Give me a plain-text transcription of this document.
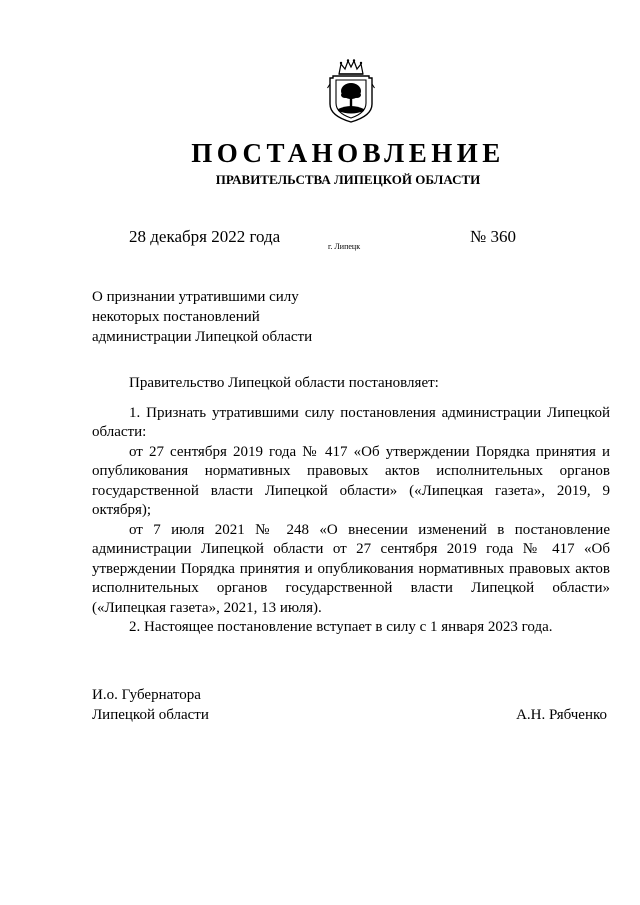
ПОСТАНОВЛЕНИЕ
ПРАВИТЕЛЬСТВА ЛИПЕЦКОЙ ОБЛАСТИ
28 декабря 2022 года
г. Липецк
№ 360
О признании утратившими силу
некоторых постановлений
администрации Липецкой области

Правительство Липецкой области постановляет:

1. Признать утратившими силу постановления администрации Липецкой области:

от 27 сентября 2019 года № 417 «Об утверждении Порядка принятия и опубликования нормативных правовых актов исполнительных органов государственной власти Липецкой области» («Липецкая газета», 2019, 9 октября);

от 7 июля 2021 № 248 «О внесении изменений в постановление администрации Липецкой области от 27 сентября 2019 года № 417 «Об утверждении Порядка принятия и опубликования нормативных правовых актов исполнительных органов государственной власти Липецкой области» («Липецкая газета», 2021, 13 июля).

2. Настоящее постановление вступает в силу с 1 января 2023 года.

И.о. Губернатора
Липецкой области	А.Н. Рябченко
